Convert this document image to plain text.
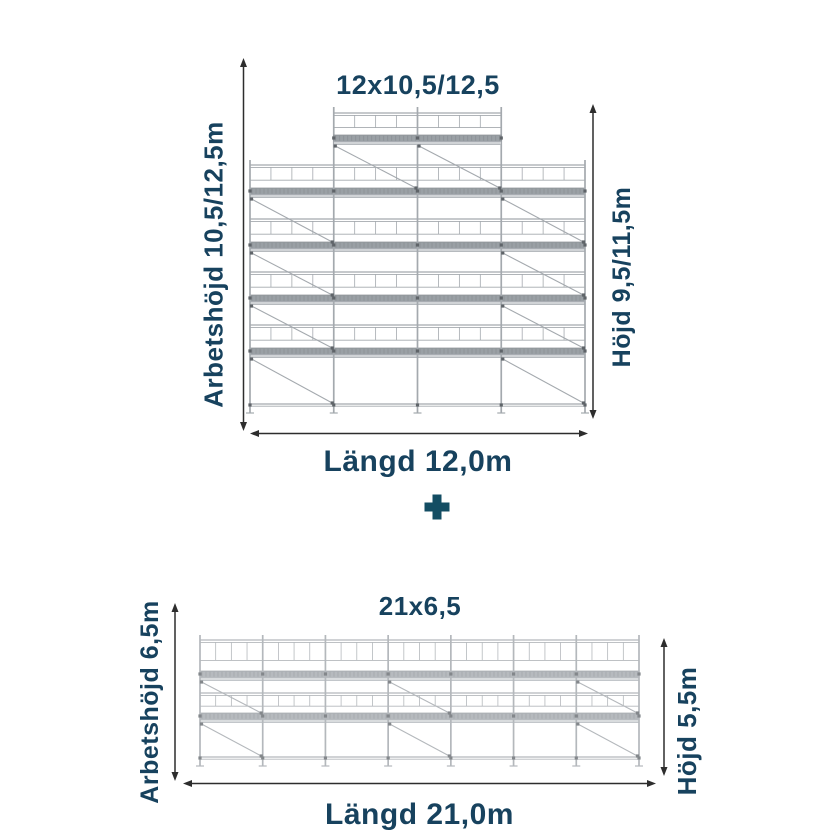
12x10,5/12,5
Arbetshöjd 10,5/12,5m	Höjd 9,5/11,5m
Längd 12,0m
21x6,5
Arbetshöjd 6,5m	Höjd 5,5m
Längd 21,0m
